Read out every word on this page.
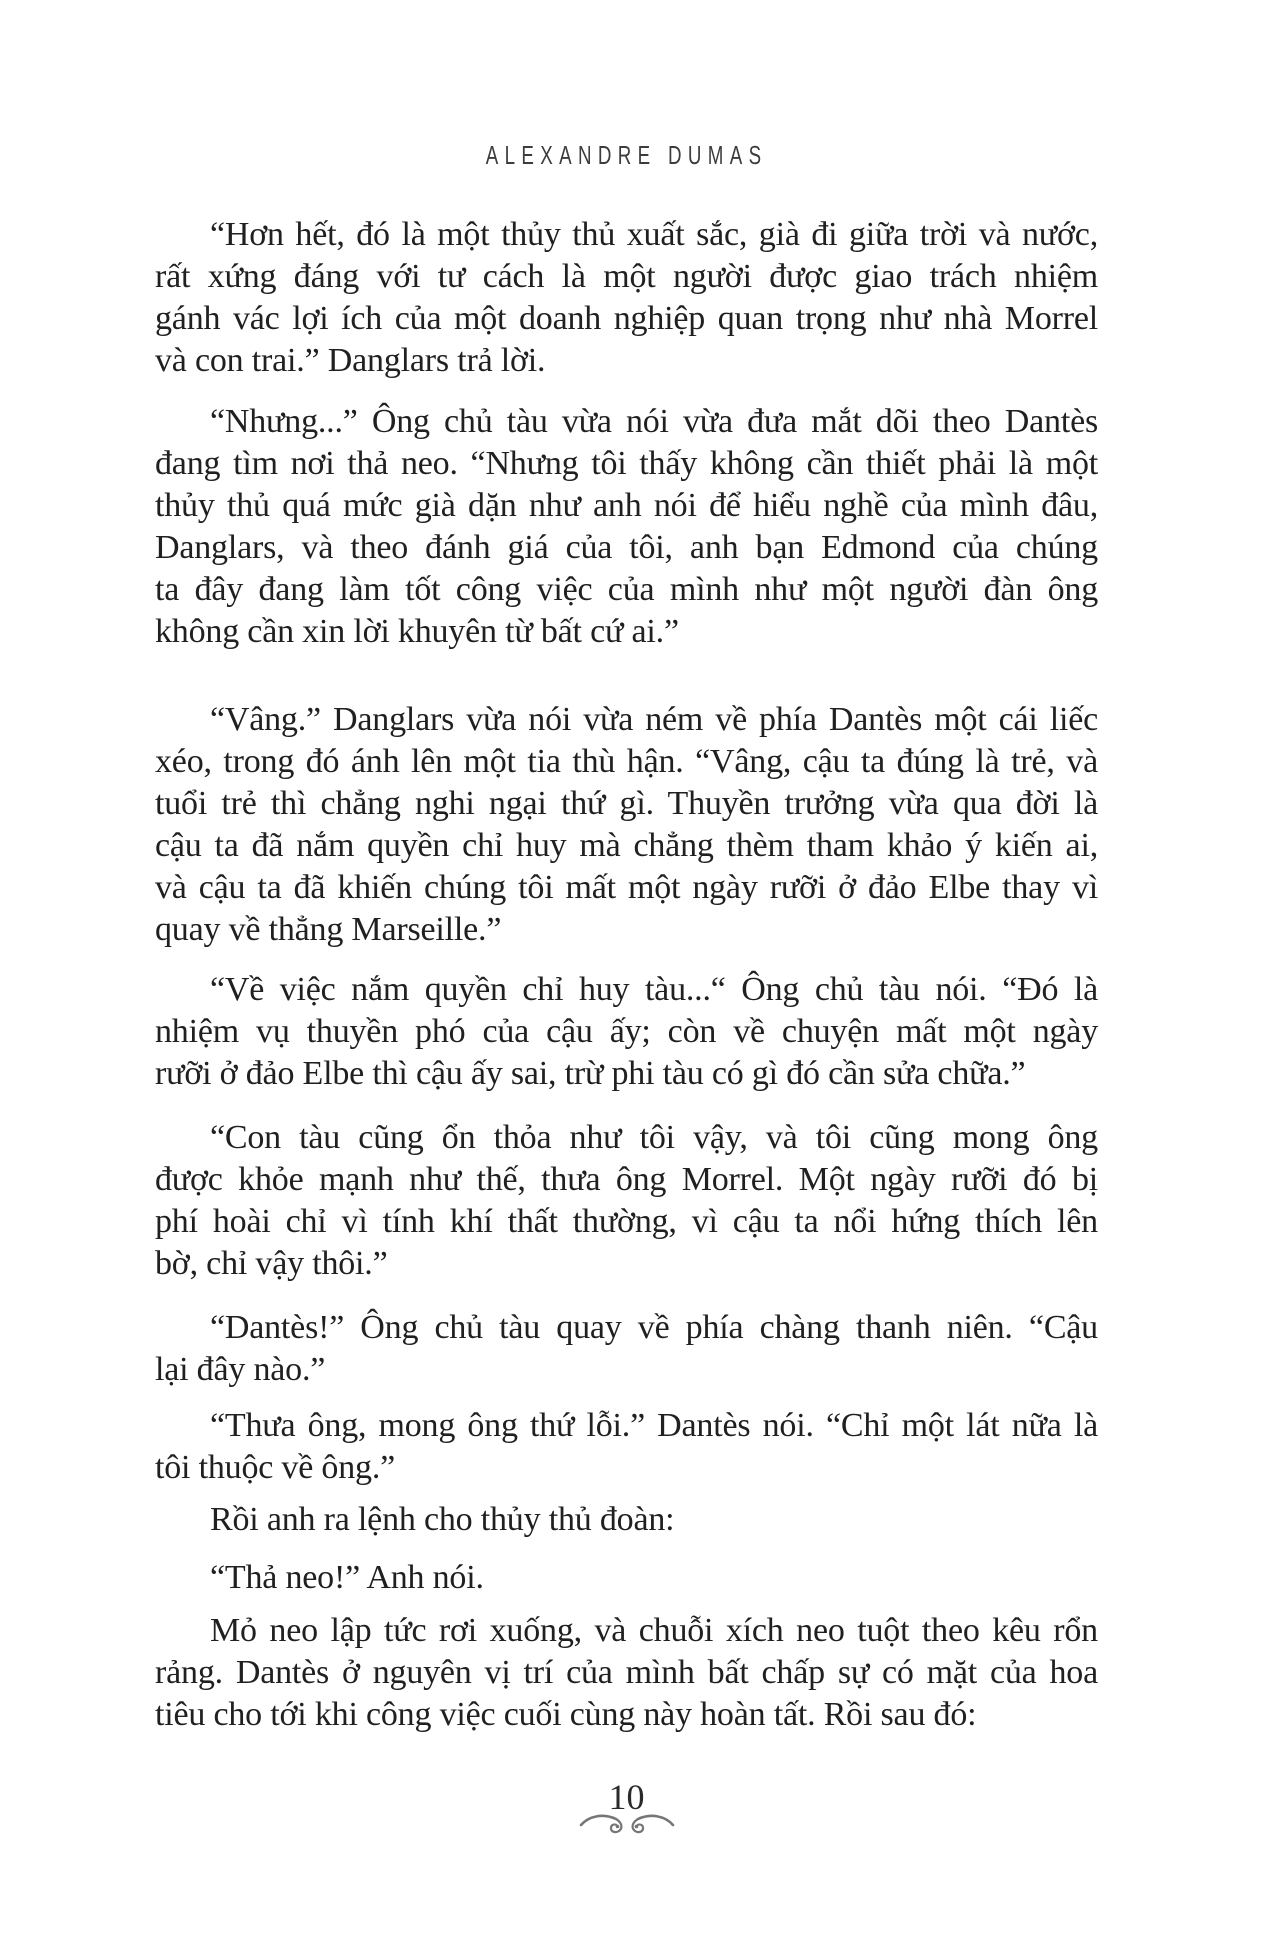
ALEXANDRE DUMAS

“Hơn hết, đó là một thủy thủ xuất sắc, già đi giữa trời và nước,
rất xứng đáng với tư cách là một người được giao trách nhiệm
gánh vác lợi ích của một doanh nghiệp quan trọng như nhà Morrel
và con trai.” Danglars trả lời.

“Nhưng...” Ông chủ tàu vừa nói vừa đưa mắt dõi theo Dantès
đang tìm nơi thả neo. “Nhưng tôi thấy không cần thiết phải là một
thủy thủ quá mức già dặn như anh nói để hiểu nghề của mình đâu,
Danglars, và theo đánh giá của tôi, anh bạn Edmond của chúng
ta đây đang làm tốt công việc của mình như một người đàn ông
không cần xin lời khuyên từ bất cứ ai.”

“Vâng.” Danglars vừa nói vừa ném về phía Dantès một cái liếc
xéo, trong đó ánh lên một tia thù hận. “Vâng, cậu ta đúng là trẻ, và
tuổi trẻ thì chẳng nghi ngại thứ gì. Thuyền trưởng vừa qua đời là
cậu ta đã nắm quyền chỉ huy mà chẳng thèm tham khảo ý kiến ai,
và cậu ta đã khiến chúng tôi mất một ngày rưỡi ở đảo Elbe thay vì
quay về thẳng Marseille.”

“Về việc nắm quyền chỉ huy tàu...“ Ông chủ tàu nói. “Đó là
nhiệm vụ thuyền phó của cậu ấy; còn về chuyện mất một ngày
rưỡi ở đảo Elbe thì cậu ấy sai, trừ phi tàu có gì đó cần sửa chữa.”

“Con tàu cũng ổn thỏa như tôi vậy, và tôi cũng mong ông
được khỏe mạnh như thế, thưa ông Morrel. Một ngày rưỡi đó bị
phí hoài chỉ vì tính khí thất thường, vì cậu ta nổi hứng thích lên
bờ, chỉ vậy thôi.”

“Dantès!” Ông chủ tàu quay về phía chàng thanh niên. “Cậu
lại đây nào.”

“Thưa ông, mong ông thứ lỗi.” Dantès nói. “Chỉ một lát nữa là
tôi thuộc về ông.”

Rồi anh ra lệnh cho thủy thủ đoàn:

“Thả neo!” Anh nói.

Mỏ neo lập tức rơi xuống, và chuỗi xích neo tuột theo kêu rổn
rảng. Dantès ở nguyên vị trí của mình bất chấp sự có mặt của hoa
tiêu cho tới khi công việc cuối cùng này hoàn tất. Rồi sau đó:

10
